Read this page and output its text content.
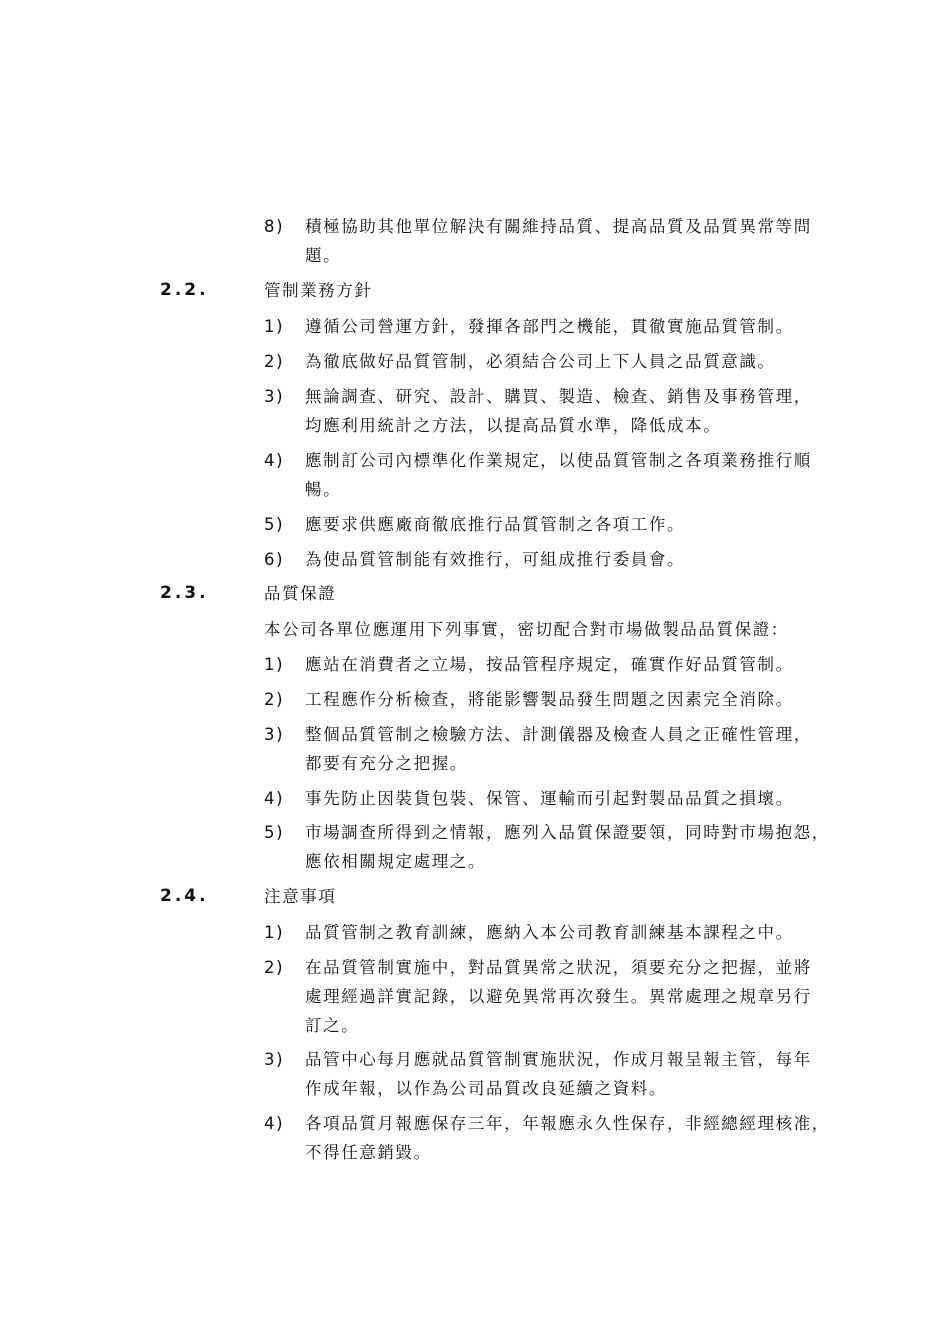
8) 積極協助其他單位解決有關維持品質、提高品質及品質異常等問
題。
2.2.	管制業務方針
1) 遵循公司營運方針，發揮各部門之機能，貫徹實施品質管制。
2) 為徹底做好品質管制，必須結合公司上下人員之品質意識。
3) 無論調查、研究、設計、購買、製造、檢查、銷售及事務管理，
均應利用統計之方法，以提高品質水準，降低成本。
4) 應制訂公司內標準化作業規定，以使品質管制之各項業務推行順
暢。
5) 應要求供應廠商徹底推行品質管制之各項工作。
6) 為使品質管制能有效推行，可組成推行委員會。
2.3.	品質保證
本公司各單位應運用下列事實，密切配合對市場做製品品質保證：
1) 應站在消費者之立場，按品管程序規定，確實作好品質管制。
2) 工程應作分析檢查，將能影響製品發生問題之因素完全消除。
3) 整個品質管制之檢驗方法、計測儀器及檢查人員之正確性管理，
都要有充分之把握。
4) 事先防止因裝貨包裝、保管、運輸而引起對製品品質之損壞。
5) 市場調查所得到之情報，應列入品質保證要領，同時對市場抱怨，
應依相關規定處理之。
2.4.	注意事項
1) 品質管制之教育訓練，應納入本公司教育訓練基本課程之中。
2) 在品質管制實施中，對品質異常之狀況，須要充分之把握，並將
處理經過詳實記錄，以避免異常再次發生。異常處理之規章另行
訂之。
3) 品管中心每月應就品質管制實施狀況，作成月報呈報主管，每年
作成年報，以作為公司品質改良延續之資料。
4) 各項品質月報應保存三年，年報應永久性保存，非經總經理核准，
不得任意銷毀。
